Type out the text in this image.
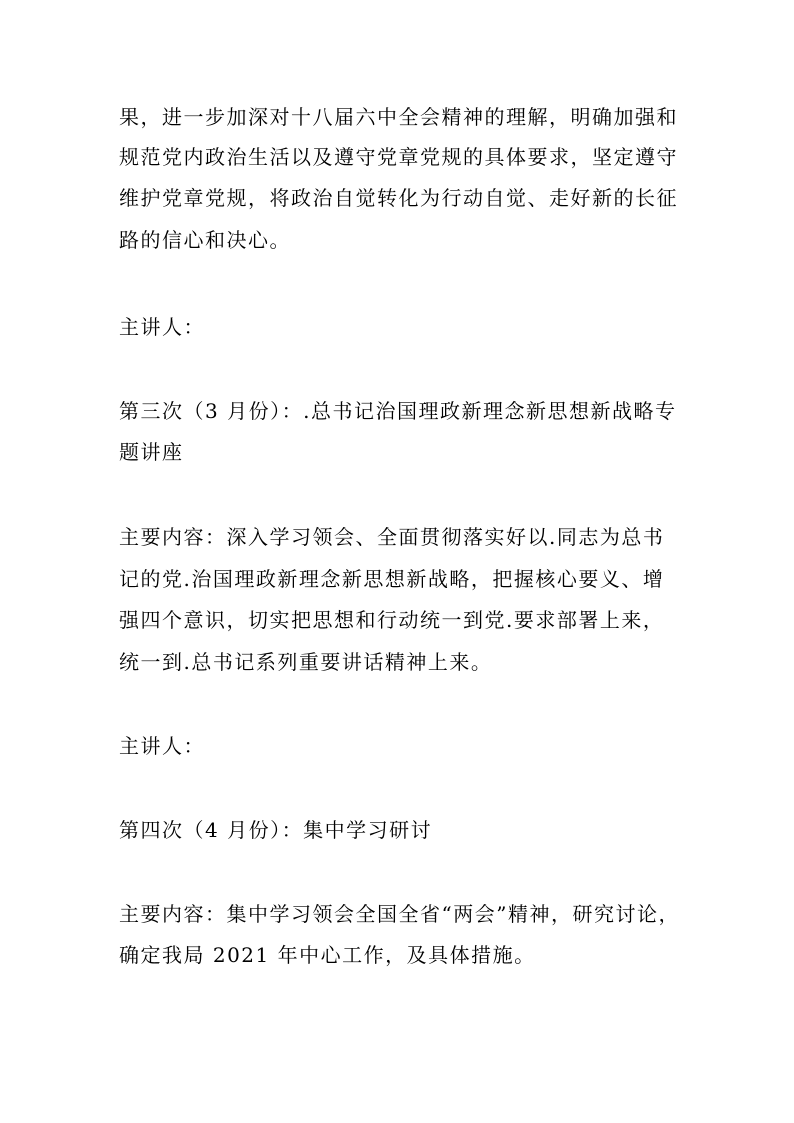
果，进一步加深对十八届六中全会精神的理解，明确加强和
规范党内政治生活以及遵守党章党规的具体要求，坚定遵守
维护党章党规，将政治自觉转化为行动自觉、走好新的长征
路的信心和决心。
主讲人：
第三次（3 月份）：.总书记治国理政新理念新思想新战略专
题讲座
主要内容：深入学习领会、全面贯彻落实好以.同志为总书
记的党.治国理政新理念新思想新战略，把握核心要义、增
强四个意识，切实把思想和行动统一到党.要求部署上来，
统一到.总书记系列重要讲话精神上来。
主讲人：
第四次（4 月份）：集中学习研讨
主要内容：集中学习领会全国全省“两会”精神，研究讨论，
确定我局 2021 年中心工作，及具体措施。
